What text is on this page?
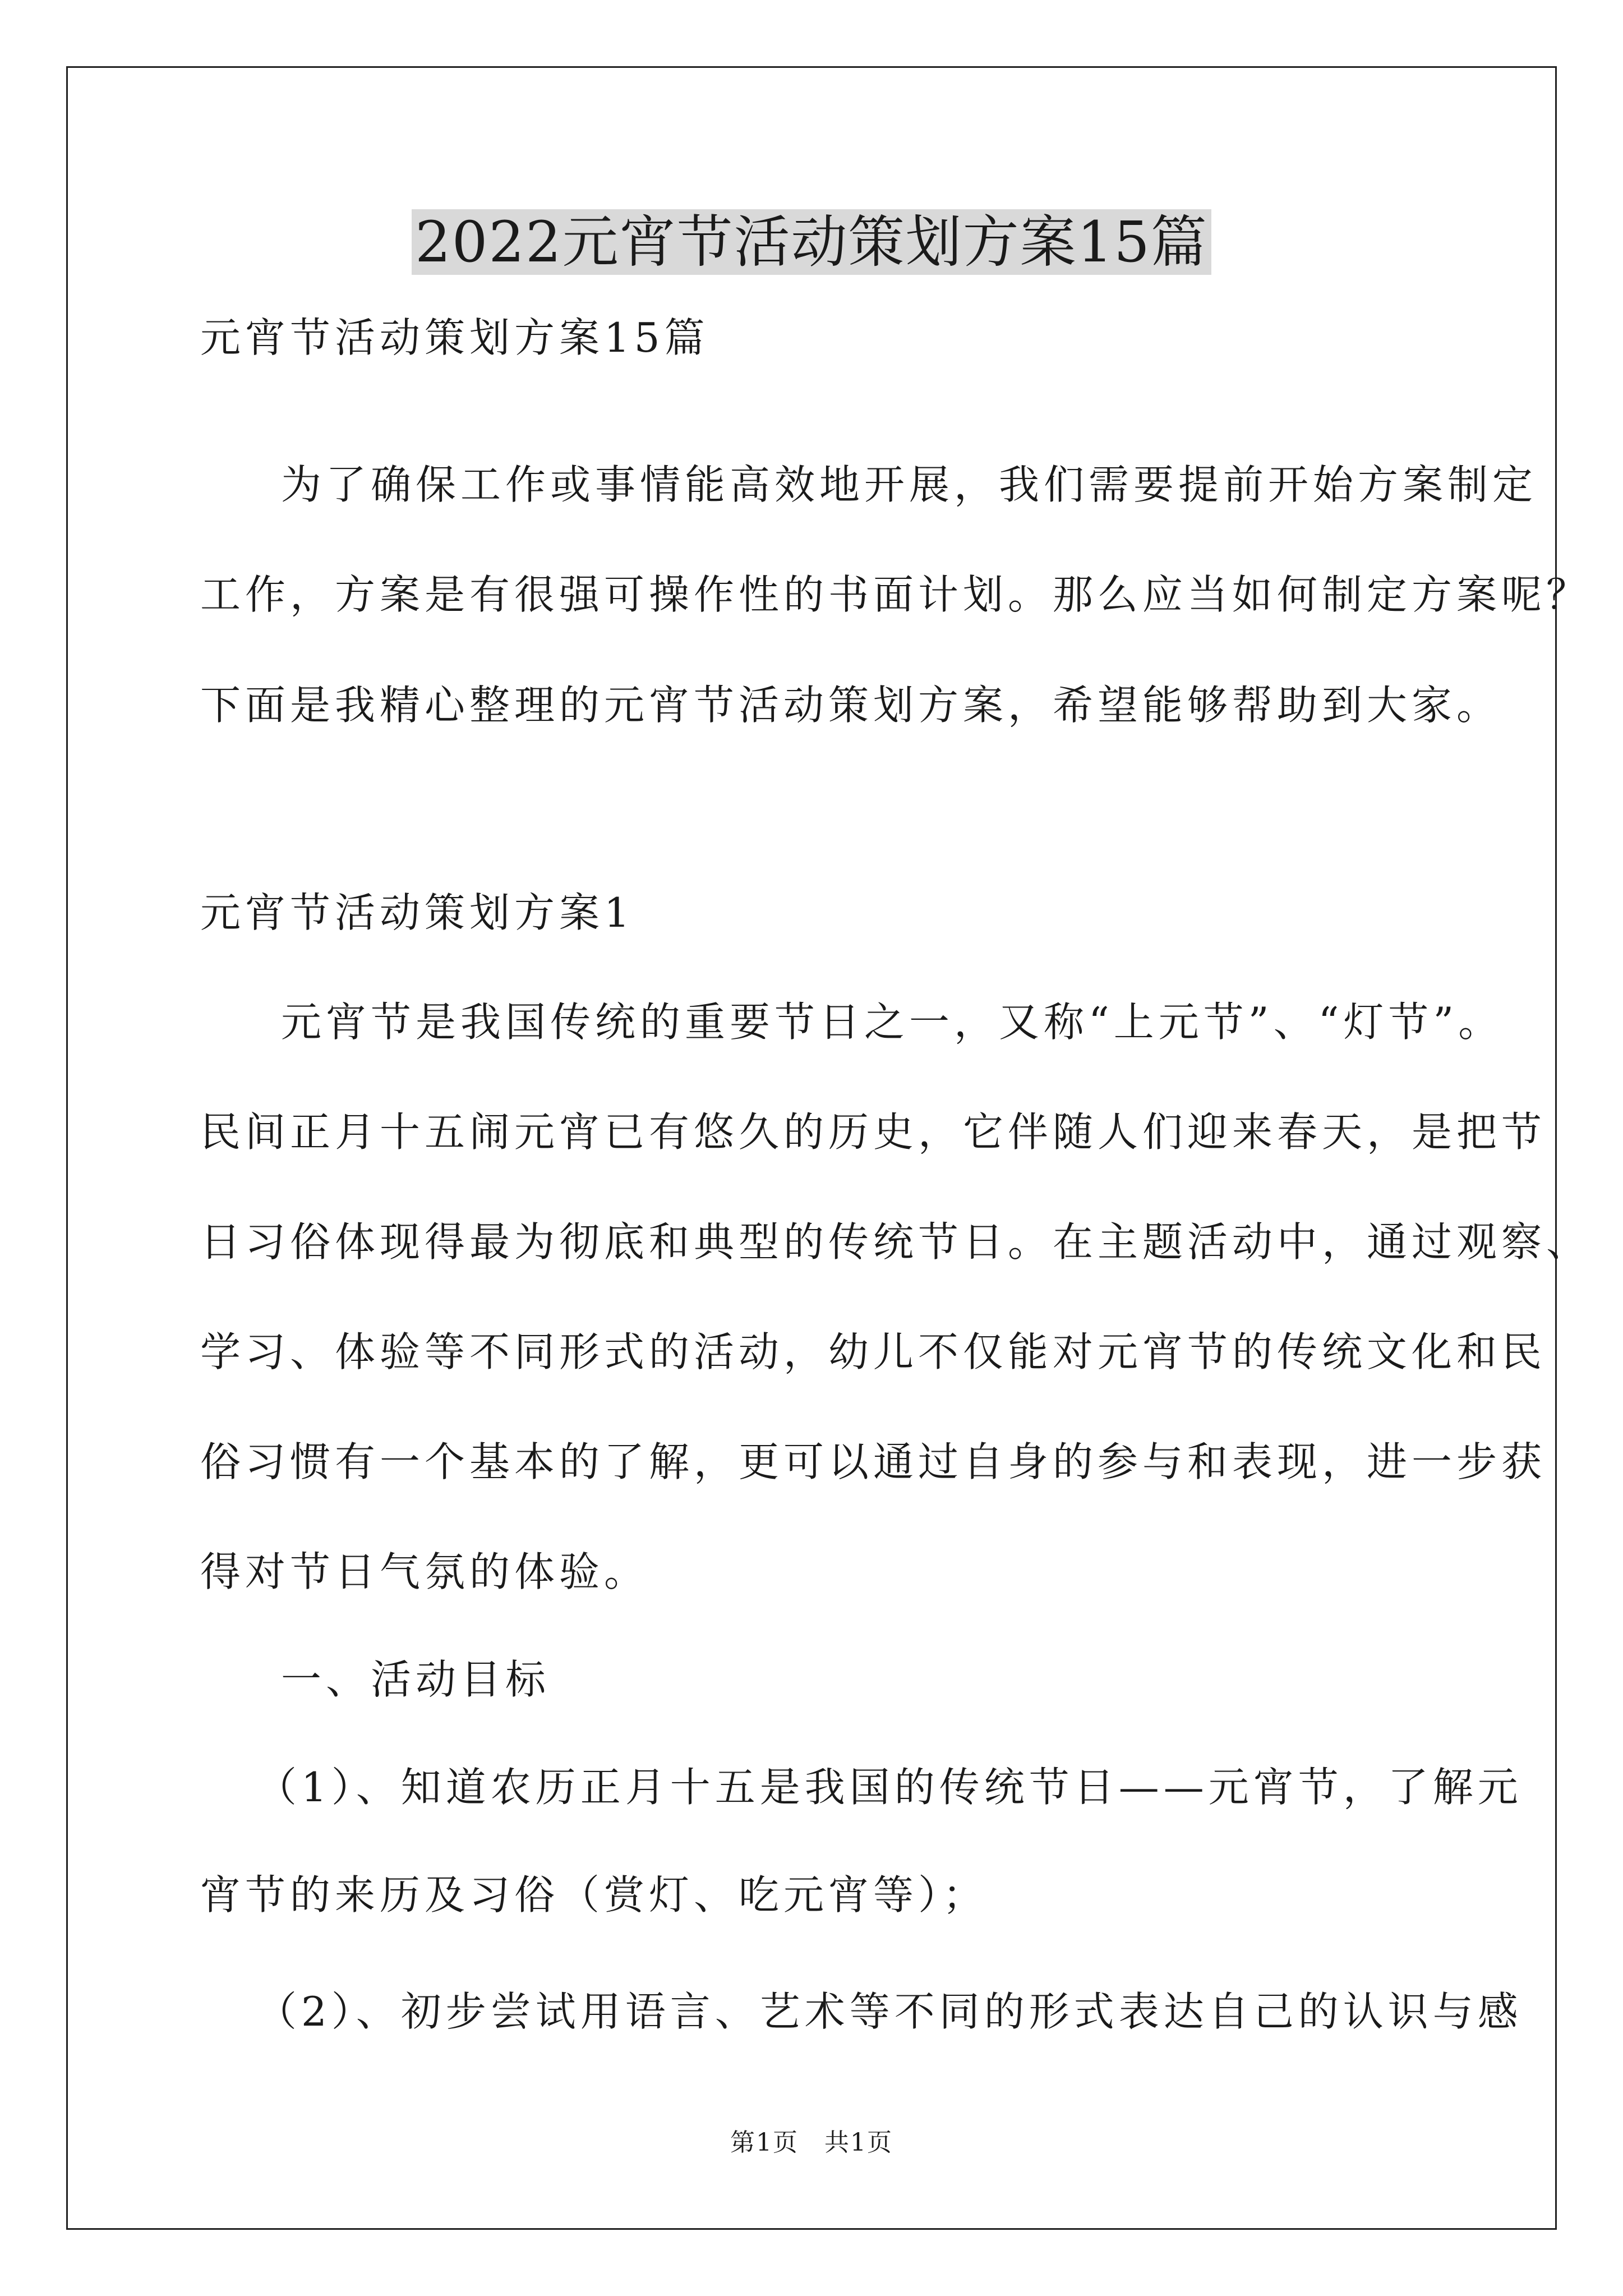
2022元宵节活动策划方案15篇
元宵节活动策划方案15篇
为了确保工作或事情能高效地开展，我们需要提前开始方案制定
工作，方案是有很强可操作性的书面计划。那么应当如何制定方案呢？
下面是我精心整理的元宵节活动策划方案，希望能够帮助到大家。
元宵节活动策划方案1
元宵节是我国传统的重要节日之一，又称“上元节”、“灯节”。
民间正月十五闹元宵已有悠久的历史，它伴随人们迎来春天，是把节
日习俗体现得最为彻底和典型的传统节日。在主题活动中，通过观察、
学习、体验等不同形式的活动，幼儿不仅能对元宵节的传统文化和民
俗习惯有一个基本的了解，更可以通过自身的参与和表现，进一步获
得对节日气氛的体验。
一、活动目标
（1）、知道农历正月十五是我国的传统节日——元宵节，了解元
宵节的来历及习俗（赏灯、吃元宵等）；
（2）、初步尝试用语言、艺术等不同的形式表达自己的认识与感
第1页　共1页
